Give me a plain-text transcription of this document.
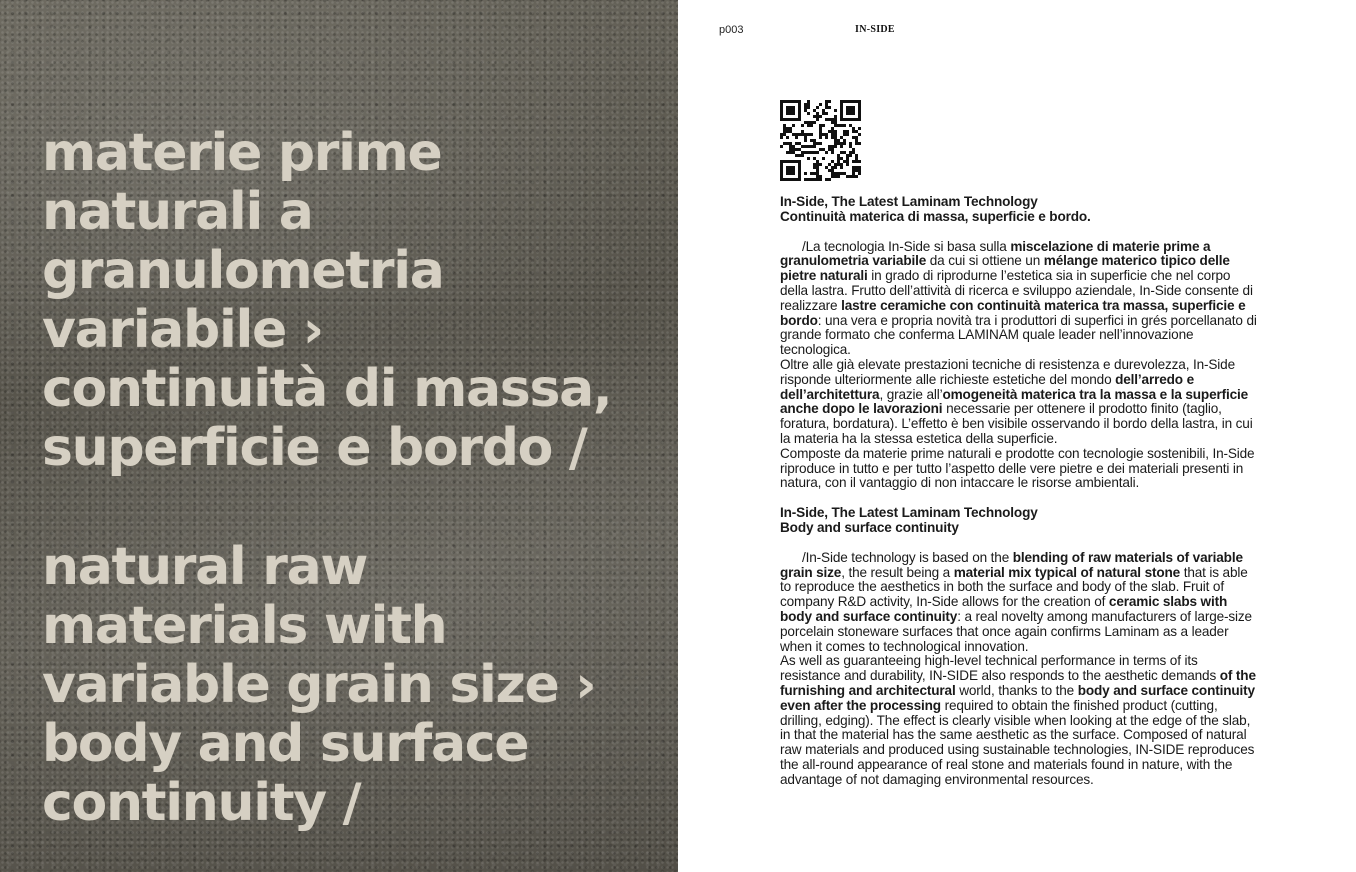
materie prime
naturali a
granulometria
variabile ›
continuità di massa,
superficie e bordo /
natural raw
materials with
variable grain size ›
body and surface
continuity /
p003	IN-SIDE
In-Side, The Latest Laminam Technology
Continuità materica di massa, superficie e bordo.

/La tecnologia In-Side si basa sulla miscelazione di materie prime a granulometria variabile da cui si ottiene un mélange materico tipico delle pietre naturali in grado di riprodurne l’estetica sia in superficie che nel corpo della lastra. Frutto dell’attività di ricerca e sviluppo aziendale, In-Side consente di realizzare lastre ceramiche con continuità materica tra massa, superficie e bordo: una vera e propria novità tra i produttori di superfici in grés porcellanato di grande formato che conferma LAMINAM quale leader nell’innovazione tecnologica.

Oltre alle già elevate prestazioni tecniche di resistenza e durevolezza, In-Side risponde ulteriormente alle richieste estetiche del mondo dell’arredo e dell’architettura, grazie all’omogeneità materica tra la massa e la superficie anche dopo le lavorazioni necessarie per ottenere il prodotto finito (taglio, foratura, bordatura). L’effetto è ben visibile osservando il bordo della lastra, in cui la materia ha la stessa estetica della superficie.

Composte da materie prime naturali e prodotte con tecnologie sostenibili, In-Side riproduce in tutto e per tutto l’aspetto delle vere pietre e dei materiali presenti in natura, con il vantaggio di non intaccare le risorse ambientali.

In-Side, The Latest Laminam Technology
Body and surface continuity

/In-Side technology is based on the blending of raw materials of variable grain size, the result being a material mix typical of natural stone that is able to reproduce the aesthetics in both the surface and body of the slab. Fruit of company R&D activity, In-Side allows for the creation of ceramic slabs with body and surface continuity: a real novelty among manufacturers of large-size porcelain stoneware surfaces that once again confirms Laminam as a leader when it comes to technological innovation.

As well as guaranteeing high-level technical performance in terms of its resistance and durability, IN-SIDE also responds to the aesthetic demands of the furnishing and architectural world, thanks to the body and surface continuity even after the processing required to obtain the finished product (cutting, drilling, edging). The effect is clearly visible when looking at the edge of the slab, in that the material has the same aesthetic as the surface. Composed of natural raw materials and produced using sustainable technologies, IN-SIDE reproduces the all-round appearance of real stone and materials found in nature, with the advantage of not damaging environmental resources.
